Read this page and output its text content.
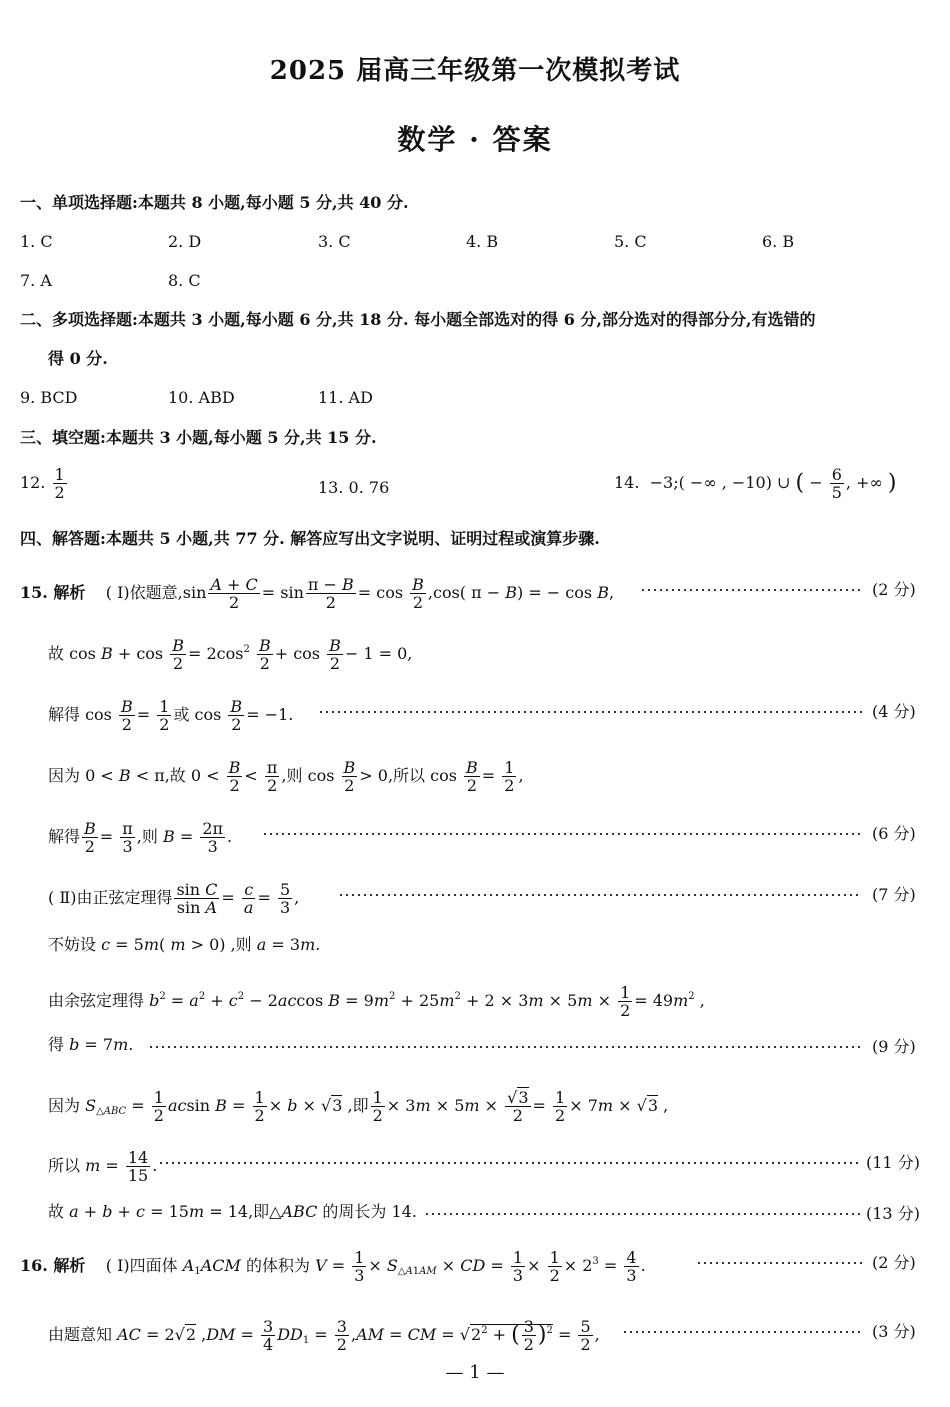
2025 届高三年级第一次模拟考试
数学 · 答案
一、单项选择题:本题共 8 小题,每小题 5 分,共 40 分.
1. C	2. D	3. C	4. B	5. C	6. B
7. A	8. C
二、多项选择题:本题共 3 小题,每小题 6 分,共 18 分. 每小题全部选对的得 6 分,部分选对的得部分分,有选错的
得 0 分.
9. BCD	10. ABD	11. AD
三、填空题:本题共 3 小题,每小题 5 分,共 15 分.
12. $\frac{1}{2}$	13. 0. 76	14.  −3;( −∞ , −10) ∪ ( − $\frac{6}{5}$ , +∞ )
四、解答题:本题共 5 小题,共 77 分. 解答应写出文字说明、证明过程或演算步骤.
15. 解析    ( Ⅰ)依题意$,\sin \frac{A + C}{2} = \sin \frac{\pi - B}{2} = \cos \frac{B}{2} ,\cos$( π − B) = − cos B,	(2 分)
故 $\cos B + \cos \frac{B}{2} = 2\cos^2 \frac{B}{2} + \cos \frac{B}{2} - 1 = 0$,
解得 $\cos \frac{B}{2} = \frac{1}{2}$ 或 $\cos \frac{B}{2} = -1$.	(4 分)
因为 0 < B < π,故 $0 < \frac{B}{2} < \frac{\pi}{2}$ ,则 $\cos \frac{B}{2} > 0$,所以 $\cos \frac{B}{2} = \frac{1}{2}$ ,
解得 $\frac{B}{2} = \frac{\pi}{3}$ ,则 $B = \frac{2\pi}{3}$ .	(6 分)
( Ⅱ)由正弦定理得 $\frac{\text{sin C}}{\text{sin A}} = \frac{c}{a} = \frac{5}{3}$ ,	(7 分)
不妨设 c = 5m( m > 0) ,则 a = 3m.
由余弦定理得 $b^2 = a^2 + c^2 - 2accos$ $B = 9m^2 + 25m^2 + 2 \times 3m \times 5m \times \frac{1}{2} = 49m^2$ ,
得 b = 7m.	(9 分)
因为 $S_{\triangle ABC} = \frac{1}{2}$ acsin $B = \frac{1}{2} \times b \times √3$ ,即 $\frac{1}{2} \times 3m \times 5m \times \frac{√3}{2} = \frac{1}{2} \times 7m \times √3$ ,
所以 $m = \frac{14}{15}$ .	(11 分)
故 a + b + c = 15m = 14,即△ABC 的周长为 14.	(13 分)
16. 解析    ( Ⅰ)四面体 $A_1ACM$ 的体积为 $V = \frac{1}{3} \times S_{\triangle A1AM}$ × CD = $\frac{1}{3} \times \frac{1}{2} \times 2^3 = \frac{4}{3}$ .	(2 分)
由题意知 AC = 2√2 $,DM = \frac{3}{4} DD_1 = \frac{3}{2} ,AM$ = CM = $√2^2$ + ( $\frac{3}{2} )^2 = \frac{5}{2}$ ,	(3 分)
— 1 —
